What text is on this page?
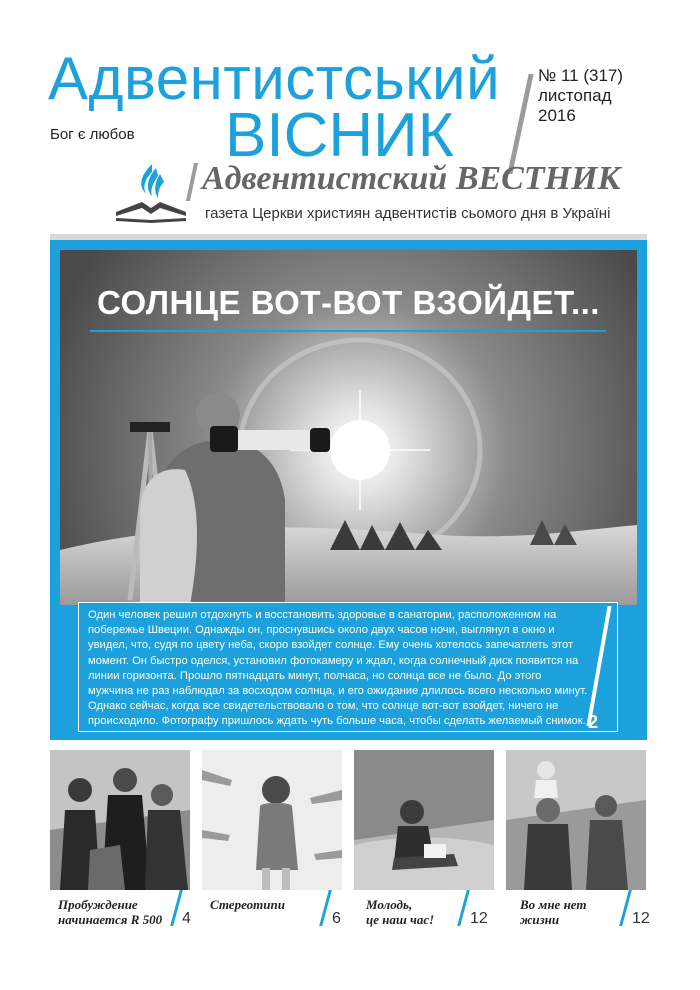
Адвентистський
ВІСНИК
Бог є любов
№ 11 (317)
листопад
2016
Адвентистский ВЕСТНИК
газета Церкви християн адвентистів сьомого дня в Україні
СОЛНЦЕ ВОТ-ВОТ ВЗОЙДЕТ...
Один человек решил отдохнуть и восстановить здоровье в санатории, расположенном на побережье Швеции. Однажды он, проснувшись около двух часов ночи, выглянул в окно и увидел, что, судя по цвету неба, скоро взойдет солнце. Ему очень хотелось запечатлеть этот момент. Он быстро оделся, установил фотокамеру и ждал, когда солнечный диск появится на линии горизонта. Прошло пятнадцать минут, полчаса, но солнца все не было. До этого мужчина не раз наблюдал за восходом солнца, и его ожидание длилось всего несколько минут. Однако сейчас, когда все свидетельствовало о том, что солнце вот-вот взойдет, ничего не происходило. Фотографу пришлось ждать чуть больше часа, чтобы сделать желаемый снимок. 2
Пробуждение
начинается R 500 4
Стереотипи
6
Молодь,
це наш час! 12
Во мне нет
жизни	12
